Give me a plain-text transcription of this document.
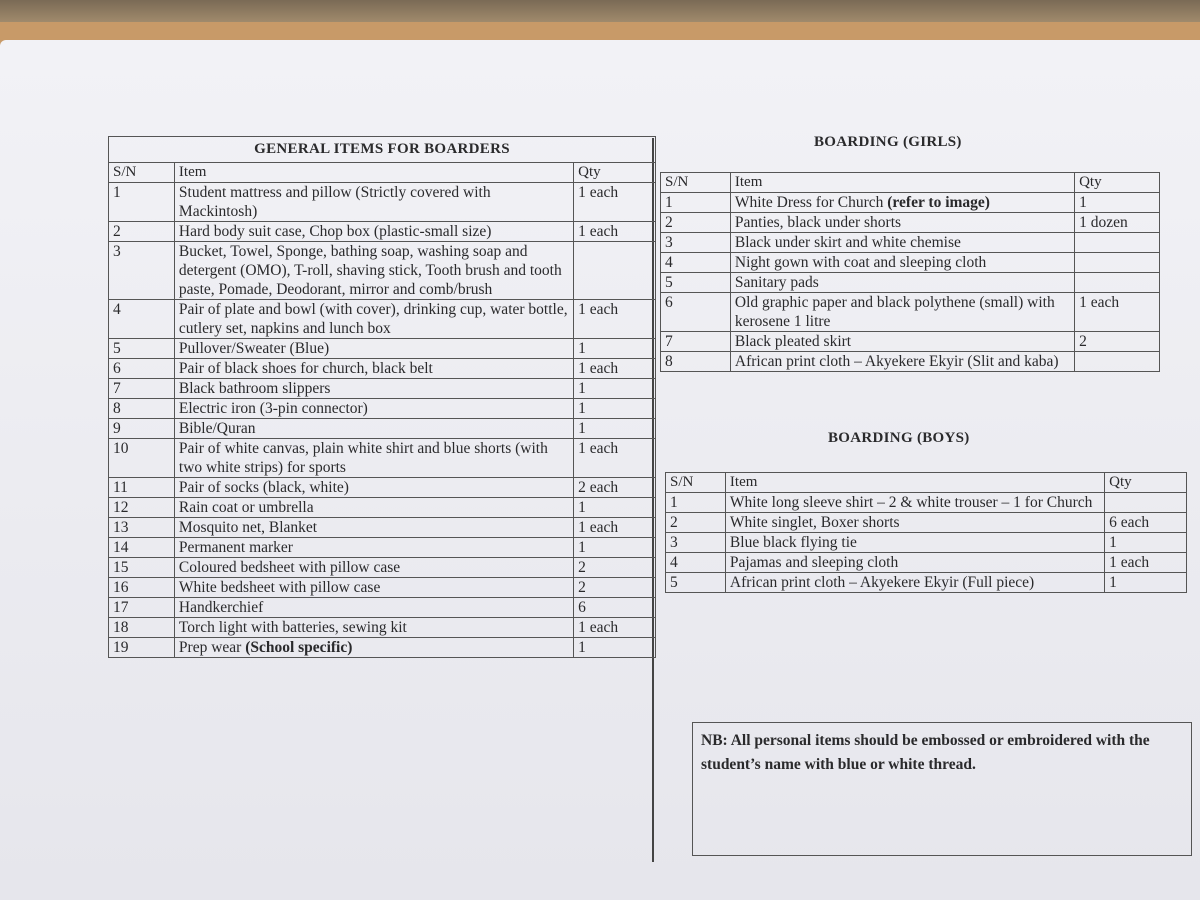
GENERAL ITEMS FOR BOARDERS		
S/N	Item	Qty
1	Student mattress and pillow (Strictly covered with Mackintosh)	1 each
2	Hard body suit case, Chop box (plastic-small size)	1 each
3	Bucket, Towel, Sponge, bathing soap, washing soap and detergent (OMO), T-roll, shaving stick, Tooth brush and tooth paste, Pomade, Deodorant, mirror and comb/brush	
4	Pair of plate and bowl (with cover), drinking cup, water bottle, cutlery set, napkins and lunch box	1 each
5	Pullover/Sweater (Blue)	1
6	Pair of black shoes for church, black belt	1 each
7	Black bathroom slippers	1
8	Electric iron (3-pin connector)	1
9	Bible/Quran	1
10	Pair of white canvas, plain white shirt and blue shorts (with two white strips) for sports	1 each
11	Pair of socks (black, white)	2 each
12	Rain coat or umbrella	1
13	Mosquito net, Blanket	1 each
14	Permanent marker	1
15	Coloured bedsheet with pillow case	2
16	White bedsheet with pillow case	2
17	Handkerchief	6
18	Torch light with batteries, sewing kit	1 each
19	Prep wear (School specific)	1
BOARDING (GIRLS)
S/N	Item	Qty
1	White Dress for Church (refer to image)	1
2	Panties, black under shorts	1 dozen
3	Black under skirt and white chemise	
4	Night gown with coat and sleeping cloth	
5	Sanitary pads	
6	Old graphic paper and black polythene (small) with kerosene 1 litre	1 each
7	Black pleated skirt	2
8	African print cloth – Akyekere Ekyir (Slit and kaba)	
BOARDING (BOYS)
S/N	Item	Qty
1	White long sleeve shirt – 2 & white trouser – 1 for Church	
2	White singlet, Boxer shorts	6 each
3	Blue black flying tie	1
4	Pajamas and sleeping cloth	1 each
5	African print cloth – Akyekere Ekyir (Full piece)	1
NB: All personal items should be embossed or embroidered with the student’s name with blue or white thread.
